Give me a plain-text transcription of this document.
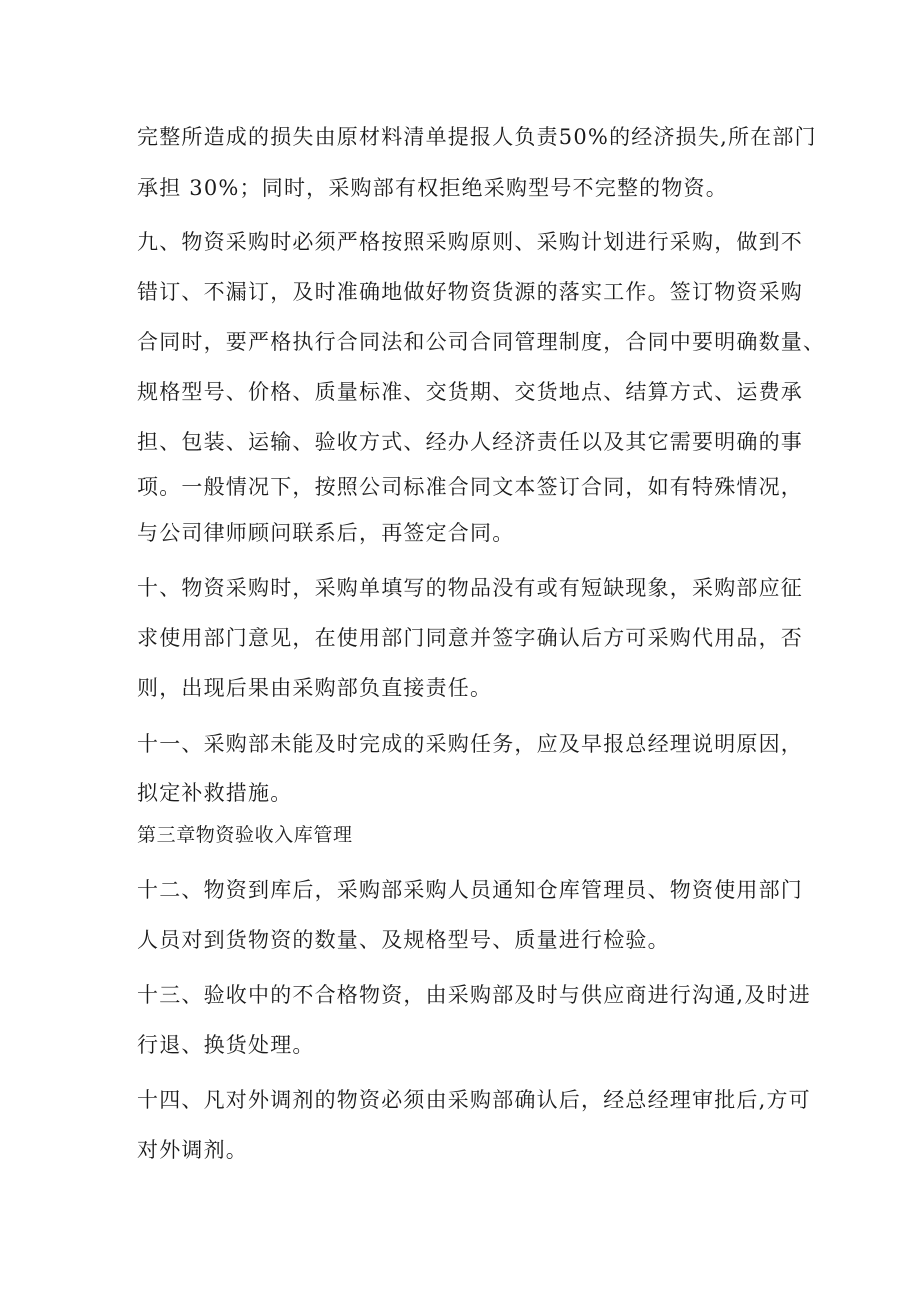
完整所造成的损失由原材料清单提报人负责50%的经济损失,所在部门
承担 30%；同时，采购部有权拒绝采购型号不完整的物资。
九、物资采购时必须严格按照采购原则、采购计划进行采购，做到不
错订、不漏订，及时准确地做好物资货源的落实工作。签订物资采购
合同时，要严格执行合同法和公司合同管理制度，合同中要明确数量、
规格型号、价格、质量标准、交货期、交货地点、结算方式、运费承
担、包装、运输、验收方式、经办人经济责任以及其它需要明确的事
项。一般情况下，按照公司标准合同文本签订合同，如有特殊情况，
与公司律师顾问联系后，再签定合同。
十、物资采购时，采购单填写的物品没有或有短缺现象，采购部应征
求使用部门意见，在使用部门同意并签字确认后方可采购代用品，否
则，出现后果由采购部负直接责任。
十一、采购部未能及时完成的采购任务，应及早报总经理说明原因，
拟定补救措施。
第三章物资验收入库管理
十二、物资到库后，采购部采购人员通知仓库管理员、物资使用部门
人员对到货物资的数量、及规格型号、质量进行检验。
十三、验收中的不合格物资，由采购部及时与供应商进行沟通,及时进
行退、换货处理。
十四、凡对外调剂的物资必须由采购部确认后，经总经理审批后,方可
对外调剂。
